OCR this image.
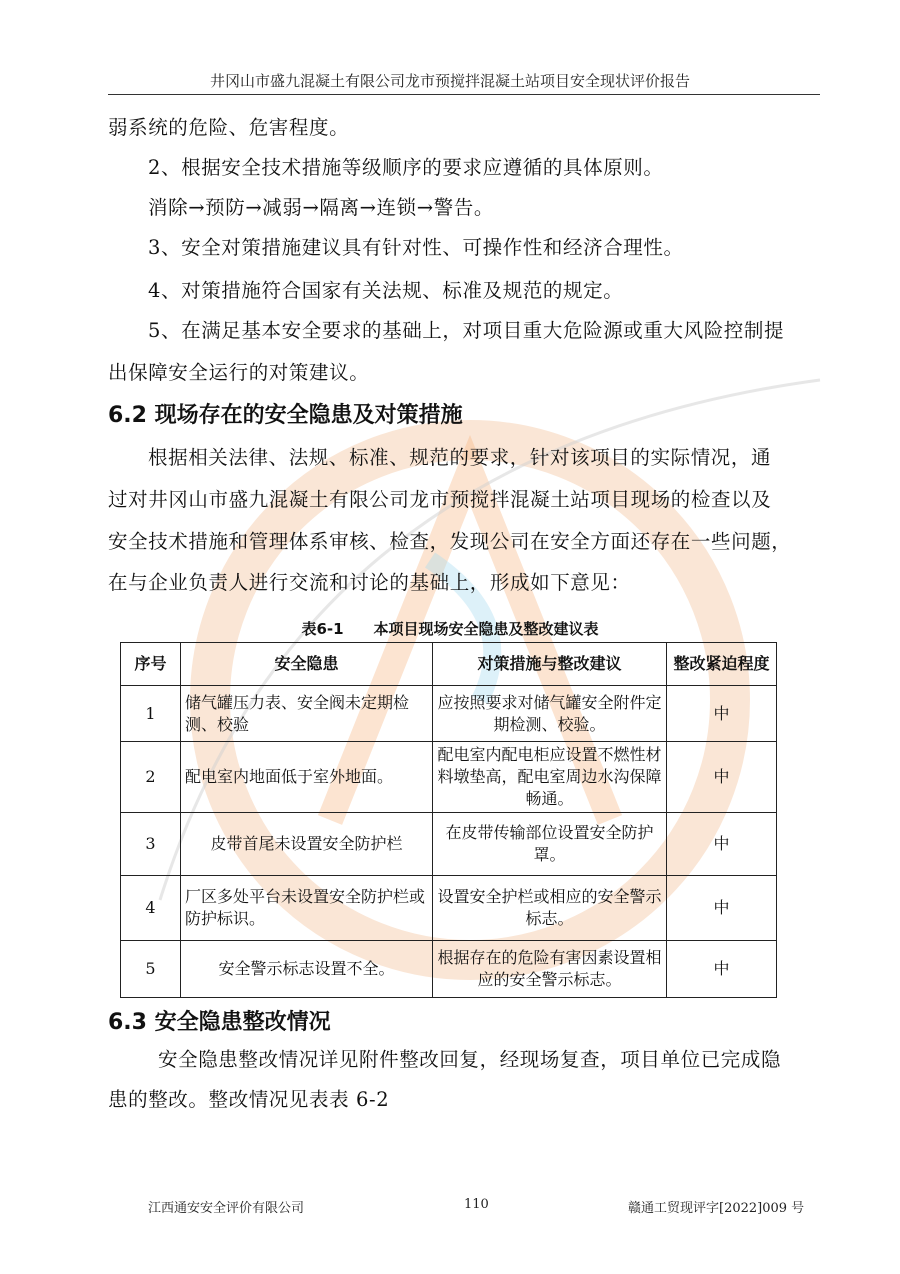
井冈山市盛九混凝土有限公司龙市预搅拌混凝土站项目安全现状评价报告
弱系统的危险、危害程度。
2、根据安全技术措施等级顺序的要求应遵循的具体原则。
消除→预防→减弱→隔离→连锁→警告。
3、安全对策措施建议具有针对性、可操作性和经济合理性。
4、对策措施符合国家有关法规、标准及规范的规定。
5、在满足基本安全要求的基础上，对项目重大危险源或重大风险控制提
出保障安全运行的对策建议。
6.2 现场存在的安全隐患及对策措施
根据相关法律、法规、标准、规范的要求，针对该项目的实际情况，通
过对井冈山市盛九混凝土有限公司龙市预搅拌混凝土站项目现场的检查以及
安全技术措施和管理体系审核、检查，发现公司在安全方面还存在一些问题，
在与企业负责人进行交流和讨论的基础上，形成如下意见：
表6-1　　本项目现场安全隐患及整改建议表
序号	安全隐患	对策措施与整改建议	整改紧迫程度
1	储气罐压力表、安全阀未定期检测、校验	应按照要求对储气罐安全附件定期检测、校验。	中
2	配电室内地面低于室外地面。	配电室内配电柜应设置不燃性材料墩垫高，配电室周边水沟保障畅通。	中
3	皮带首尾未设置安全防护栏	在皮带传输部位设置安全防护罩。	中
4	厂区多处平台未设置安全防护栏或防护标识。	设置安全护栏或相应的安全警示标志。	中
5	安全警示标志设置不全。	根据存在的危险有害因素设置相应的安全警示标志。	中
6.3 安全隐患整改情况
安全隐患整改情况详见附件整改回复，经现场复查，项目单位已完成隐
患的整改。整改情况见表表 6-2
江西通安安全评价有限公司	110	赣通工贸现评字[2022]009 号
